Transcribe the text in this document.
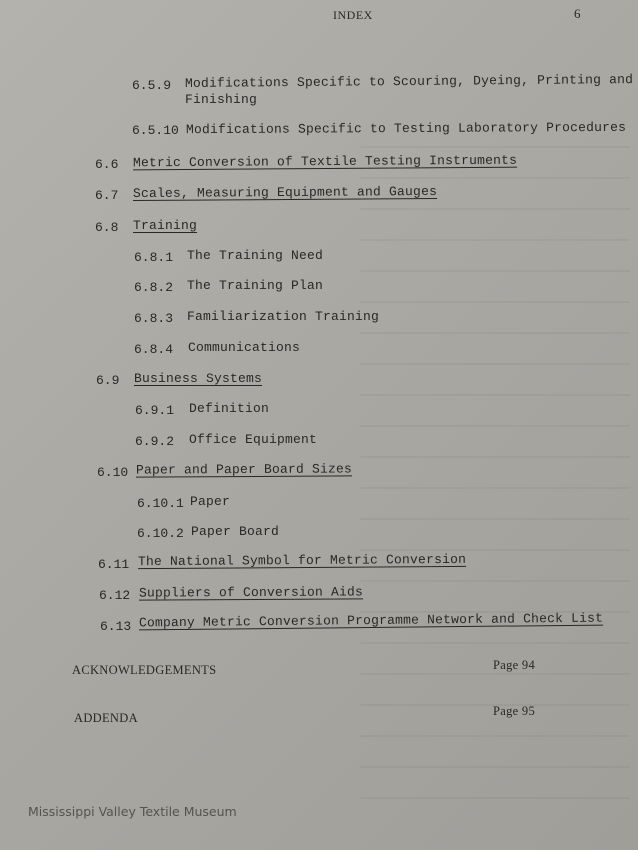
INDEX	6
6.5.9 Modifications Specific to Scouring, Dyeing, Printing and
Finishing
6.5.10 Modifications Specific to Testing Laboratory Procedures
6.6 Metric Conversion of Textile Testing Instruments
6.7 Scales, Measuring Equipment and Gauges
6.8 Training
6.8.1 The Training Need
6.8.2 The Training Plan
6.8.3 Familiarization Training
6.8.4 Communications
6.9 Business Systems
6.9.1 Definition
6.9.2 Office Equipment
6.10 Paper and Paper Board Sizes
6.10.1 Paper
6.10.2 Paper Board
6.11 The National Symbol for Metric Conversion
6.12 Suppliers of Conversion Aids
6.13 Company Metric Conversion Programme Network and Check List
ACKNOWLEDGEMENTS	Page 94
ADDENDA	Page 95
Mississippi Valley Textile Museum
